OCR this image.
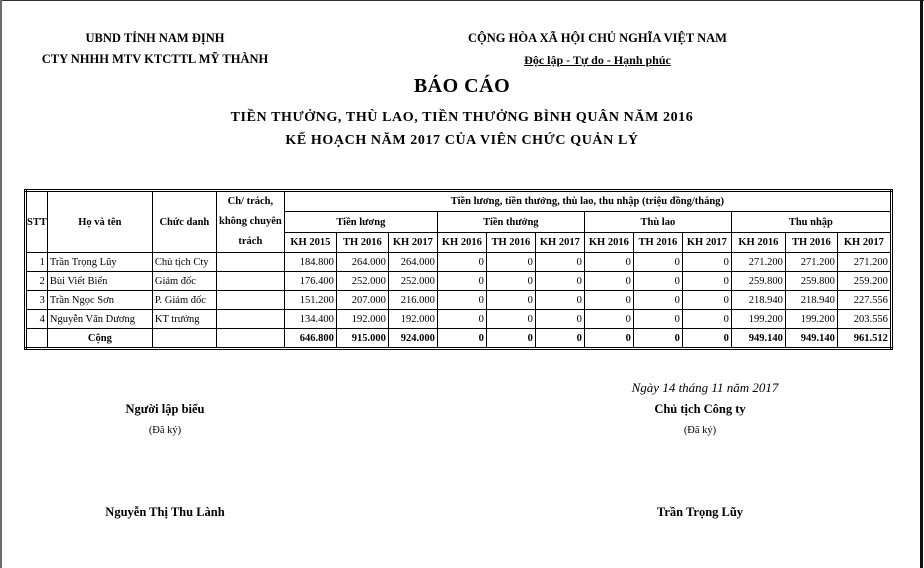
UBND TỈNH NAM ĐỊNH
CTY NHHH MTV KTCTTL MỸ THÀNH
CỘNG HÒA XÃ HỘI CHỦ NGHĨA VIỆT NAM
Độc lập - Tự do - Hạnh phúc
BÁO CÁO
TIỀN THƯỞNG, THÙ LAO, TIỀN THƯỞNG BÌNH QUÂN NĂM 2016
KẾ HOẠCH NĂM 2017 CỦA VIÊN CHỨC QUẢN LÝ
STT	Họ và tên	Chức danh	Ch/ trách,
không chuyên
trách	Tiền lương, tiền thưởng, thù lao, thu nhập (triệu đồng/tháng)											
				Tiền lương			Tiền thưởng			Thù lao			Thu nhập		
				KH 2015	TH 2016	KH 2017	KH 2016	TH 2016	KH 2017	KH 2016	TH 2016	KH 2017	KH 2016	TH 2016	KH 2017
1	Trần Trọng Lũy	Chủ tịch Cty		184.800	264.000	264.000	0	0	0	0	0	0	271.200	271.200	271.200
2	Bùi Viết Biển	Giám đốc		176.400	252.000	252.000	0	0	0	0	0	0	259.800	259.800	259.200
3	Trần Ngọc Sơn	P. Giám đốc		151.200	207.000	216.000	0	0	0	0	0	0	218.940	218.940	227.556
4	Nguyễn Văn Dương	KT trưởng		134.400	192.000	192.000	0	0	0	0	0	0	199.200	199.200	203.556
	Cộng			646.800	915.000	924.000	0	0	0	0	0	0	949.140	949.140	961.512
Ngày 14 tháng 11 năm 2017
Người lập biểu
(Đã ký)
Nguyễn Thị Thu Lành
Chủ tịch Công ty
(Đã ký)
Trần Trọng Lũy
